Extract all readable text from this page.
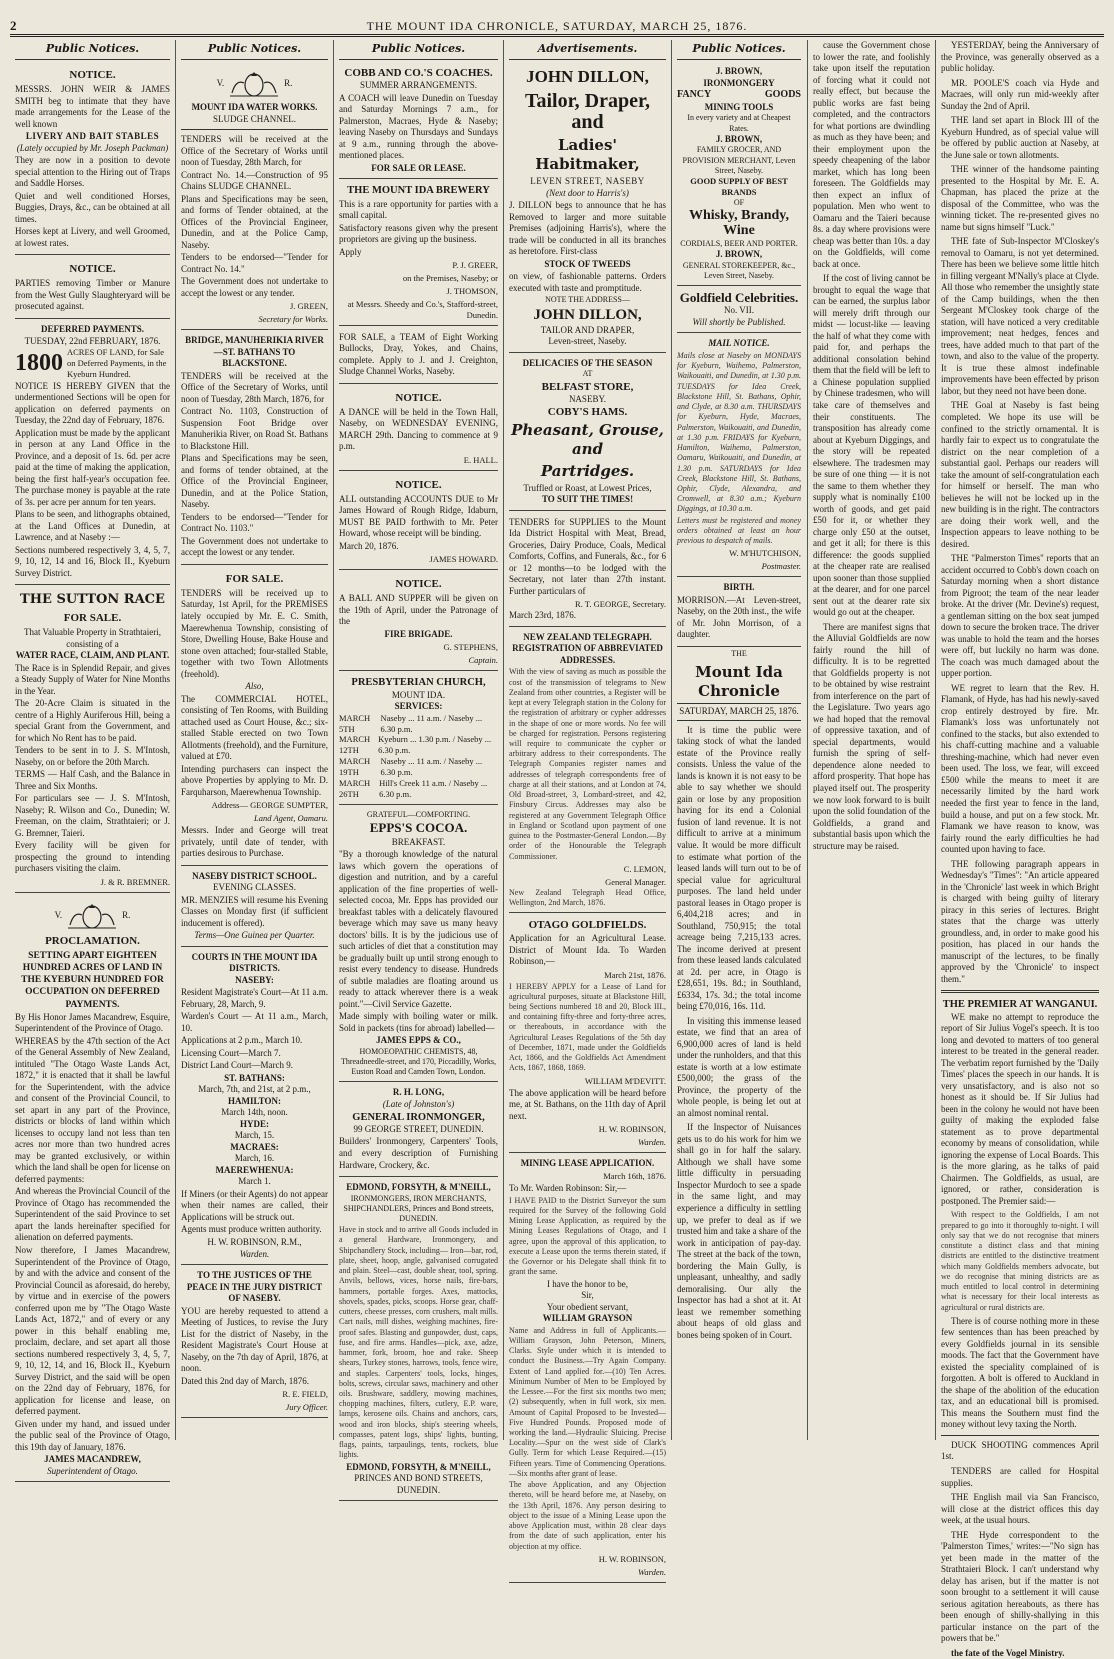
2	THE MOUNT IDA CHRONICLE, SATURDAY, MARCH 25, 1876.
Public Notices.
NOTICE.

MESSRS. JOHN WEIR & JAMES SMITH beg to intimate that they have made arrangements for the Lease of the well known

LIVERY AND BAIT STABLES
(Lately occupied by Mr. Joseph Packman)

They are now in a position to devote special attention to the Hiring out of Traps and Saddle Horses.

Quiet and well conditioned Horses, Buggies, Drays, &c., can be obtained at all times.

Horses kept at Livery, and well Groomed, at lowest rates.

NOTICE.

PARTIES removing Timber or Manure from the West Gully Slaughteryard will be prosecuted against.

DEFERRED PAYMENTS.
TUESDAY, 22nd FEBRUARY, 1876.
1800 ACRES OF LAND, for Sale on Deferred Payments, in the Kyeburn Hundred.

NOTICE IS HEREBY GIVEN that the undermentioned Sections will be open for application on deferred payments on Tuesday, the 22nd day of February, 1876.

Application must be made by the applicant in person at any Land Office in the Province, and a deposit of 1s. 6d. per acre paid at the time of making the application, being the first half-year's occupation fee. The purchase money is payable at the rate of 3s. per acre per annum for ten years.

Plans to be seen, and lithographs obtained, at the Land Offices at Dunedin, at Lawrence, and at Naseby :—

Sections numbered respectively 3, 4, 5, 7, 9, 10, 12, 14 and 16, Block II., Kyeburn Survey District.

THE SUTTON RACE
FOR SALE.
That Valuable Property in Strathtaieri, consisting of a
WATER RACE, CLAIM, AND PLANT.

The Race is in Splendid Repair, and gives a Steady Supply of Water for Nine Months in the Year.

The 20-Acre Claim is situated in the centre of a Highly Auriferous Hill, being a special Grant from the Government, and for which No Rent has to be paid.

Tenders to be sent in to J. S. M'Intosh, Naseby, on or before the 20th March.

TERMS — Half Cash, and the Balance in Three and Six Months.

For particulars see — J. S. M'Intosh, Naseby; R. Wilson and Co., Dunedin; W. Freeman, on the claim, Strathtaieri; or J. G. Bremner, Taieri.

Every facility will be given for prospecting the ground to intending purchasers visiting the claim.

J. & R. BREMNER.
V.	R.
PROCLAMATION.
SETTING APART EIGHTEEN HUNDRED ACRES OF LAND IN THE KYEBURN HUNDRED FOR OCCUPATION ON DEFERRED PAYMENTS.

By His Honor James Macandrew, Esquire, Superintendent of the Province of Otago.

WHEREAS by the 47th section of the Act of the General Assembly of New Zealand, intituled "The Otago Waste Lands Act, 1872," it is enacted that it shall be lawful for the Superintendent, with the advice and consent of the Provincial Council, to set apart in any part of the Province, districts or blocks of land within which licenses to occupy land not less than ten acres nor more than two hundred acres may be granted exclusively, or within which the land shall be open for license on deferred payments:

And whereas the Provincial Council of the Province of Otago has recommended the Superintendent of the said Province to set apart the lands hereinafter specified for alienation on deferred payments.

Now therefore, I James Macandrew, Superintendent of the Province of Otago, by and with the advice and consent of the Provincial Council as aforesaid, do hereby, by virtue and in exercise of the powers conferred upon me by "The Otago Waste Lands Act, 1872," and of every or any power in this behalf enabling me, proclaim, declare, and set apart all those sections numbered respectively 3, 4, 5, 7, 9, 10, 12, 14, and 16, Block II., Kyeburn Survey District, and the said will be open on the 22nd day of February, 1876, for application for license and lease, on deferred payment.

Given under my hand, and issued under the public seal of the Province of Otago, this 19th day of January, 1876.

JAMES MACANDREW,
Superintendent of Otago.
Public Notices.
V.	R.
MOUNT IDA WATER WORKS.
SLUDGE CHANNEL.

TENDERS will be received at the Office of the Secretary of Works until noon of Tuesday, 28th March, for

Contract No. 14.—Construction of 95 Chains SLUDGE CHANNEL.

Plans and Specifications may be seen, and forms of Tender obtained, at the Offices of the Provincial Engineer, Dunedin, and at the Police Camp, Naseby.

Tenders to be endorsed—"Tender for Contract No. 14."

The Government does not undertake to accept the lowest or any tender.

J. GREEN,
Secretary for Works.
BRIDGE, MANUHERIKIA RIVER—ST. BATHANS TO BLACKSTONE.

TENDERS will be received at the Office of the Secretary of Works, until noon of Tuesday, 28th March, 1876, for

Contract No. 1103, Construction of Suspension Foot Bridge over Manuherikia River, on Road St. Bathans to Blackstone Hill.

Plans and Specifications may be seen, and forms of tender obtained, at the Office of the Provincial Engineer, Dunedin, and at the Police Station, Naseby.

Tenders to be endorsed—"Tender for Contract No. 1103."

The Government does not undertake to accept the lowest or any tender.

FOR SALE.

TENDERS will be received up to Saturday, 1st April, for the PREMISES lately occupied by Mr. E. C. Smith, Maerewhenua Township, consisting of Store, Dwelling House, Bake House and stone oven attached; four-stalled Stable, together with two Town Allotments (freehold).

Also,

The COMMERCIAL HOTEL, consisting of Ten Rooms, with Building attached used as Court House, &c.; six-stalled Stable erected on two Town Allotments (freehold), and the Furniture, valued at £70.

Intending purchasers can inspect the above Properties by applying to Mr. D. Farquharson, Maerewhenua Township.

Address— GEORGE SUMPTER,
Land Agent, Oamaru.

Messrs. Inder and George will treat privately, until date of tender, with parties desirous to Purchase.

NASEBY DISTRICT SCHOOL.
EVENING CLASSES.

MR. MENZIES will resume his Evening Classes on Monday first (if sufficient inducement is offered).

Terms—One Guinea per Quarter.
COURTS IN THE MOUNT IDA DISTRICTS.
NASEBY:

Resident Magistrate's Court—At 11 a.m. February, 28, March, 9.

Warden's Court — At 11 a.m., March, 10.

Applications at 2 p.m., March 10.

Licensing Court—March 7.

District Land Court—March 9.

ST. BATHANS:
March, 7th, and 21st, at 2 p.m.,
HAMILTON:
March 14th, noon.
HYDE:
March, 15.
MACRAES:
March, 16.
MAEREWHENUA:
March 1.

If Miners (or their Agents) do not appear when their names are called, their Applications will be struck out.

Agents must produce written authority.

H. W. ROBINSON, R.M.,
Warden.
TO THE JUSTICES OF THE PEACE IN THE JURY DISTRICT OF NASEBY.

YOU are hereby requested to attend a Meeting of Justices, to revise the Jury List for the district of Naseby, in the Resident Magistrate's Court House at Naseby, on the 7th day of April, 1876, at noon.

Dated this 2nd day of March, 1876.

R. E. FIELD,
Jury Officer.
Public Notices.
COBB AND CO.'S COACHES.
SUMMER ARRANGEMENTS.

A COACH will leave Dunedin on Tuesday and Saturday Mornings 7 a.m., for Palmerston, Macraes, Hyde & Naseby; leaving Naseby on Thursdays and Sundays at 9 a.m., running through the above-mentioned places.

FOR SALE OR LEASE.
THE MOUNT IDA BREWERY

This is a rare opportunity for parties with a small capital.

Satisfactory reasons given why the present proprietors are giving up the business.

Apply
P. J. GREER,
on the Premises, Naseby; or
J. THOMSON,
at Messrs. Sheedy and Co.'s, Stafford-street, Dunedin.

FOR SALE, a TEAM of Eight Working Bullocks, Dray, Yokes, and Chains, complete. Apply to J. and J. Creighton, Sludge Channel Works, Naseby.

NOTICE.

A DANCE will be held in the Town Hall, Naseby, on WEDNESDAY EVENING, MARCH 29th. Dancing to commence at 9 p.m.

E. HALL.
NOTICE.

ALL outstanding ACCOUNTS DUE to Mr James Howard of Rough Ridge, Idaburn, MUST BE PAID forthwith to Mr. Peter Howard, whose receipt will be binding.

March 20, 1876.
JAMES HOWARD.
NOTICE.

A BALL AND SUPPER will be given on the 19th of April, under the Patronage of the

FIRE BRIGADE.
G. STEPHENS,
Captain.
PRESBYTERIAN CHURCH,
MOUNT IDA.
SERVICES:
MARCH 5TH
Naseby ... 11 a.m. / Naseby ... 6.30 p.m.
MARCH 12TH
Kyeburn ... 1.30 p.m. / Naseby ... 6.30 p.m.
MARCH 19TH
Naseby ... 11 a.m. / Naseby ... 6.30 p.m.
MARCH 26TH
Hill's Creek 11 a.m. / Naseby ... 6.30 p.m.
GRATEFUL—COMFORTING.
EPPS'S COCOA.
BREAKFAST.

"By a thorough knowledge of the natural laws which govern the operations of digestion and nutrition, and by a careful application of the fine properties of well-selected cocoa, Mr. Epps has provided our breakfast tables with a delicately flavoured beverage which may save us many heavy doctors' bills. It is by the judicious use of such articles of diet that a constitution may be gradually built up until strong enough to resist every tendency to disease. Hundreds of subtle maladies are floating around us ready to attack wherever there is a weak point."—Civil Service Gazette.

Made simply with boiling water or milk. Sold in packets (tins for abroad) labelled—

JAMES EPPS & CO.,
HOMOEOPATHIC CHEMISTS, 48, Threadneedle-street, and 170, Piccadilly, Works, Euston Road and Camden Town, London.
R. H. LONG,
(Late of Johnston's)
GENERAL IRONMONGER,
99 GEORGE STREET, DUNEDIN.

Builders' Ironmongery, Carpenters' Tools, and every description of Furnishing Hardware, Crockery, &c.

EDMOND, FORSYTH, & M'NEILL,
IRONMONGERS, IRON MERCHANTS, SHIPCHANDLERS, Princes and Bond streets, DUNEDIN.

Have in stock and to arrive all Goods included in a general Hardware, Ironmongery, and Shipchandlery Stock, including— Iron—bar, rod, plate, sheet, hoop, angle, galvanised corrugated and plain. Steel—cast, double shear, tool, spring. Anvils, bellows, vices, horse nails, fire-bars, hammers, portable forges. Axes, mattocks, shovels, spades, picks, scoops. Horse gear, chaff-cutters, cheese presses, corn crushers, malt mills. Cart nails, mill dishes, weighing machines, fire-proof safes. Blasting and gunpowder, dust, caps, fuse, and fire arms. Handles—pick, axe, adze, hammer, fork, broom, hoe and rake. Sheep shears, Turkey stones, harrows, tools, fence wire, and staples. Carpenters' tools, locks, hinges, bolts, screws, circular saws, machinery and other oils. Brushware, saddlery, mowing machines, chopping machines, filters, cutlery, E.P. ware, lamps, kerosene oils. Chains and anchors, cars, wood and iron blocks, ship's steering wheels, compasses, patent logs, ships' lights, bunting, flags, paints, tarpaulings, tents, rockets, blue lights.

EDMOND, FORSYTH, & M'NEILL,
PRINCES AND BOND STREETS,
DUNEDIN.
Advertisements.
JOHN DILLON,
Tailor, Draper, and
Ladies' Habitmaker,
LEVEN STREET, NASEBY
(Next door to Harris's)

J. DILLON begs to announce that he has Removed to larger and more suitable Premises (adjoining Harris's), where the trade will be conducted in all its branches as heretofore. First-class

STOCK OF TWEEDS

on view, of fashionable patterns. Orders executed with taste and promptitude.

NOTE THE ADDRESS—
JOHN DILLON,
TAILOR AND DRAPER,
Leven-street, Naseby.
DELICACIES OF THE SEASON
AT
BELFAST STORE,
NASEBY.
COBY'S HAMS.
Pheasant, Grouse, and
Partridges.
Truffled or Roast, at Lowest Prices,
TO SUIT THE TIMES!

TENDERS for SUPPLIES to the Mount Ida District Hospital with Meat, Bread, Groceries, Dairy Produce, Coals, Medical Comforts, Coffins, and Funerals, &c., for 6 or 12 months—to be lodged with the Secretary, not later than 27th instant. Further particulars of

R. T. GEORGE, Secretary.
March 23rd, 1876.
NEW ZEALAND TELEGRAPH.
REGISTRATION OF ABBREVIATED ADDRESSES.

With the view of saving as much as possible the cost of the transmission of telegrams to New Zealand from other countries, a Register will be kept at every Telegraph station in the Colony for the registration of arbitrary or cypher addresses in the shape of one or more words. No fee will be charged for registration. Persons registering will require to communicate the cypher or arbitrary address to their correspondents. The Telegraph Companies register names and addresses of telegraph correspondents free of charge at all their stations, and at London at 74, Old Broad-street, 3, Lombard-street, and 42, Finsbury Circus. Addresses may also be registered at any Government Telegraph Office in England or Scotland upon payment of one guinea to the Postmaster-General London.—By order of the Honourable the Telegraph Commissioner.

C. LEMON,
General Manager.
New Zealand Telegraph Head Office, Wellington, 2nd March, 1876.
OTAGO GOLDFIELDS.

Application for an Agricultural Lease. District of Mount Ida. To Warden Robinson,—

March 21st, 1876.

I HEREBY APPLY for a Lease of Land for agricultural purposes, situate at Blackstone Hill, being Sections numbered 18 and 20, Block III., and containing fifty-three and forty-three acres, or thereabouts, in accordance with the Agricultural Leases Regulations of the 5th day of December, 1871, made under the Goldfields Act, 1866, and the Goldfields Act Amendment Acts, 1867, 1868, 1869.

WILLIAM M'DEVITT.

The above application will be heard before me, at St. Bathans, on the 11th day of April next.

H. W. ROBINSON,
Warden.
MINING LEASE APPLICATION.
March 16th, 1876.

To Mr. Warden Robinson: Sir,—

I HAVE PAID to the District Surveyor the sum required for the Survey of the following Gold Mining Lease Application, as required by the Mining Leases Regulations of Otago, and I agree, upon the approval of this application, to execute a Lease upon the terms therein stated, if the Governor or his Delegate shall think fit to grant the same.

I have the honor to be,
Sir,
Your obedient servant,
WILLIAM GRAYSON

Name and Address in full of Applicants.—William Grayson, John Peterson, Miners, Clarks. Style under which it is intended to conduct the Business.—Try Again Company. Extent of Land applied for.—(10) Ten Acres. Minimum Number of Men to be Employed by the Lessee.—For the first six months two men; (2) subsequently, when in full work, six men. Amount of Capital Proposed to be Invested—Five Hundred Pounds. Proposed mode of working the land.—Hydraulic Sluicing. Precise Locality.—Spur on the west side of Clark's Gully. Term for which Lease Required.—(15) Fifteen years. Time of Commencing Operations. —Six months after grant of lease.

The above Application, and any Objection thereto, will be heard before me, at Naseby, on the 13th April, 1876. Any person desiring to object to the issue of a Mining Lease upon the above Application must, within 28 clear days from the date of such application, enter his objection at my office.

H. W. ROBINSON,
Warden.
Public Notices.
J. BROWN,
IRONMONGERY
FANCY	GOODS
MINING TOOLS
In every variety and at Cheapest Rates.
J. BROWN,
FAMILY GROCER, AND PROVISION MERCHANT, Leven Street, Naseby.
GOOD SUPPLY OF BEST BRANDS
OF
Whisky, Brandy, Wine
CORDIALS, BEER AND PORTER.
J. BROWN,
GENERAL STOREKEEPER, &c., Leven Street, Naseby.
Goldfield Celebrities.
No. VII.
Will shortly be Published.
MAIL NOTICE.

Mails close at Naseby on MONDAYS for Kyeburn, Waihemo, Palmerston, Waikouaiti, and Dunedin, at 1.30 p.m. TUESDAYS for Idea Creek, Blackstone Hill, St. Bathans, Ophir, and Clyde, at 8.30 a.m. THURSDAYS for Kyeburn, Hyde, Macraes, Palmerston, Waikouaiti, and Dunedin, at 1.30 p.m. FRIDAYS for Kyeburn, Hamilton, Waihemo, Palmerston, Oamaru, Waikouaiti, and Dunedin, at 1.30 p.m. SATURDAYS for Idea Creek, Blackstone Hill, St. Bathans, Ophir, Clyde, Alexandra, and Cromwell, at 8.30 a.m.; Kyeburn Diggings, at 10.30 a.m.

Letters must be registered and money orders obtained at least an hour previous to despatch of mails.

W. M'HUTCHISON,
Postmaster.
BIRTH.

MORRISON.—At Leven-street, Naseby, on the 20th inst., the wife of Mr. John Morrison, of a daughter.

THE
Mount Ida Chronicle
SATURDAY, MARCH 25, 1876.

It is time the public were taking stock of what the landed estate of the Province really consists. Unless the value of the lands is known it is not easy to be able to say whether we should gain or lose by any proposition having for its end a Colonial fusion of land revenue. It is not difficult to arrive at a minimum value. It would be more difficult to estimate what portion of the leased lands will turn out to be of special value for agricultural purposes. The land held under pastoral leases in Otago proper is 6,404,218 acres; and in Southland, 750,915; the total acreage being 7,215,133 acres. The income derived at present from these leased lands calculated at 2d. per acre, in Otago is £28,651, 19s. 8d.; in Southland, £6334, 17s. 3d.; the total income being £70,016, 16s. 11d.

In visiting this immense leased estate, we find that an area of 6,900,000 acres of land is held under the runholders, and that this estate is worth at a low estimate £500,000; the grass of the Province, the property of the whole people, is being let out at an almost nominal rental.

If the Inspector of Nuisances gets us to do his work for him we shall go in for half the salary. Although we shall have some little difficulty in persuading Inspector Murdoch to see a spade in the same light, and may experience a difficulty in settling up, we prefer to deal as if we trusted him and take a share of the work in anticipation of pay-day. The street at the back of the town, bordering the Main Gully, is unpleasant, unhealthy, and sadly demoralising. Our ally the Inspector has had a shot at it. At least we remember something about heaps of old glass and bones being spoken of in Court.

cause the Government chose to lower the rate, and foolishly take upon itself the reputation of forcing what it could not really effect, but because the public works are fast being completed, and the contractors for what portions are dwindling as much as they have been; and their employment upon the speedy cheapening of the labor market, which has long been foreseen. The Goldfields may then expect an influx of population. Men who went to Oamaru and the Taieri because 8s. a day where provisions were cheap was better than 10s. a day on the Goldfields, will come back at once.

If the cost of living cannot be brought to equal the wage that can be earned, the surplus labor will merely drift through our midst — locust-like — leaving the half of what they come with paid for, and perhaps the additional consolation behind them that the field will be left to a Chinese population supplied by Chinese tradesmen, who will take care of themselves and their constituents. The transposition has already come about at Kyeburn Diggings, and the story will be repeated elsewhere. The tradesmen may be sure of one thing — it is not the same to them whether they supply what is nominally £100 worth of goods, and get paid £50 for it, or whether they charge only £50 at the outset, and get it all; for there is this difference: the goods supplied at the cheaper rate are realised upon sooner than those supplied at the dearer, and for one parcel sent out at the dearer rate six would go out at the cheaper.

There are manifest signs that the Alluvial Goldfields are now fairly round the hill of difficulty. It is to be regretted that Goldfields property is not to be obtained by wise restraint from interference on the part of the Legislature. Two years ago we had hoped that the removal of oppressive taxation, and of special departments, would furnish the spring of self-dependence alone needed to afford prosperity. That hope has played itself out. The prosperity we now look forward to is built upon the solid foundation of the Goldfields, a grand and substantial basis upon which the structure may be raised.

YESTERDAY, being the Anniversary of the Province, was generally observed as a public holiday.

MR. POOLE'S coach via Hyde and Macraes, will only run mid-weekly after Sunday the 2nd of April.

THE land set apart in Block III of the Kyeburn Hundred, as of special value will be offered by public auction at Naseby, at the June sale or town allotments.

THE winner of the handsome painting presented to the Hospital by Mr. E. A. Chapman, has placed the prize at the disposal of the Committee, who was the winning ticket. The re-presented gives no name but signs himself "Luck."

THE fate of Sub-Inspector M'Closkey's removal to Oamaru, is not yet determined. There has been we believe some little hitch in filling vergeant M'Nally's place at Clyde. All those who remember the unsightly state of the Camp buildings, when the then Sergeant M'Closkey took charge of the station, will have noticed a very creditable improvement; neat hedges, fences and trees, have added much to that part of the town, and also to the value of the property. It is true these almost indefinable improvements have been effected by prison labor, but they need not have been done.

THE Goal at Naseby is fast being completed. We hope its use will be confined to the strictly ornamental. It is hardly fair to expect us to congratulate the district on the near completion of a substantial gaol. Perhaps our readers will take the amount of self-congratulation each for himself or herself. The man who believes he will not be locked up in the new building is in the right. The contractors are doing their work well, and the Inspection appears to leave nothing to be desired.

THE "Palmerston Times" reports that an accident occurred to Cobb's down coach on Saturday morning when a short distance from Pigroot; the team of the near leader broke. At the driver (Mr. Devine's) request, a gentleman sitting on the box seat jumped down to secure the broken trace. The driver was unable to hold the team and the horses were off, but luckily no harm was done. The coach was much damaged about the upper portion.

WE regret to learn that the Rev. H. Flamank, of Hyde, has had his newly-saved crop entirely destroyed by fire. Mr. Flamank's loss was unfortunately not confined to the stacks, but also extended to his chaff-cutting machine and a valuable threshing-machine, which had never even been used. The loss, we fear, will exceed £500 while the means to meet it are necessarily limited by the hard work needed the first year to fence in the land, build a house, and put on a few stock. Mr. Flamank we have reason to know, was fairly round the early difficulties he had counted upon having to face.

THE following paragraph appears in Wednesday's "Times": "An article appeared in the 'Chronicle' last week in which Bright is charged with being guilty of literary piracy in this series of lectures. Bright states that the charge was utterly groundless, and, in order to make good his position, has placed in our hands the manuscript of the lectures, to be finally approved by the 'Chronicle' to inspect them."

THE PREMIER AT WANGANUI.

WE make no attempt to reproduce the report of Sir Julius Vogel's speech. It is too long and devoted to matters of too general interest to be treated in the general reader. The verbatim report furnished by the 'Daily Times' places the speech in our hands. It is very unsatisfactory, and is also not so honest as it should be. If Sir Julius had been in the colony he would not have been guilty of making the exploded false statement as to prove departmental economy by means of consolidation, while ignoring the expense of Local Boards. This is the more glaring, as he talks of paid Chairmen. The Goldfields, as usual, are ignored, or rather, consideration is postponed. The Premier said:—

With respect to the Goldfields, I am not prepared to go into it thoroughly to-night. I will only say that we do not recognise that miners constitute a distinct class and that mining districts are entitled to the distinctive treatment which many Goldfields members advocate, but we do recognise that mining districts are as much entitled to local control in determining what is necessary for their local interests as agricultural or rural districts are.

There is of course nothing more in these few sentences than has been preached by every Goldfields journal in its sensible moods. The fact that the Government have existed the speciality complained of is forgotten. A bolt is offered to Auckland in the shape of the abolition of the education tax, and an educational bill is promised. This means the Southern must find the money without levy taxing the North.

DUCK SHOOTING commences April 1st.

TENDERS are called for Hospital supplies.

THE English mail via San Francisco, will close at the district offices this day week, at the usual hours.

THE Hyde correspondent to the 'Palmerston Times,' writes:—"No sign has yet been made in the matter of the Strathtaieri Block. I can't understand why delay has arisen, but if the matter is not soon brought to a settlement it will cause serious agitation hereabouts, as there has been enough of shilly-shallying in this particular instance on the part of the powers that be."

the fate of the Vogel Ministry.
